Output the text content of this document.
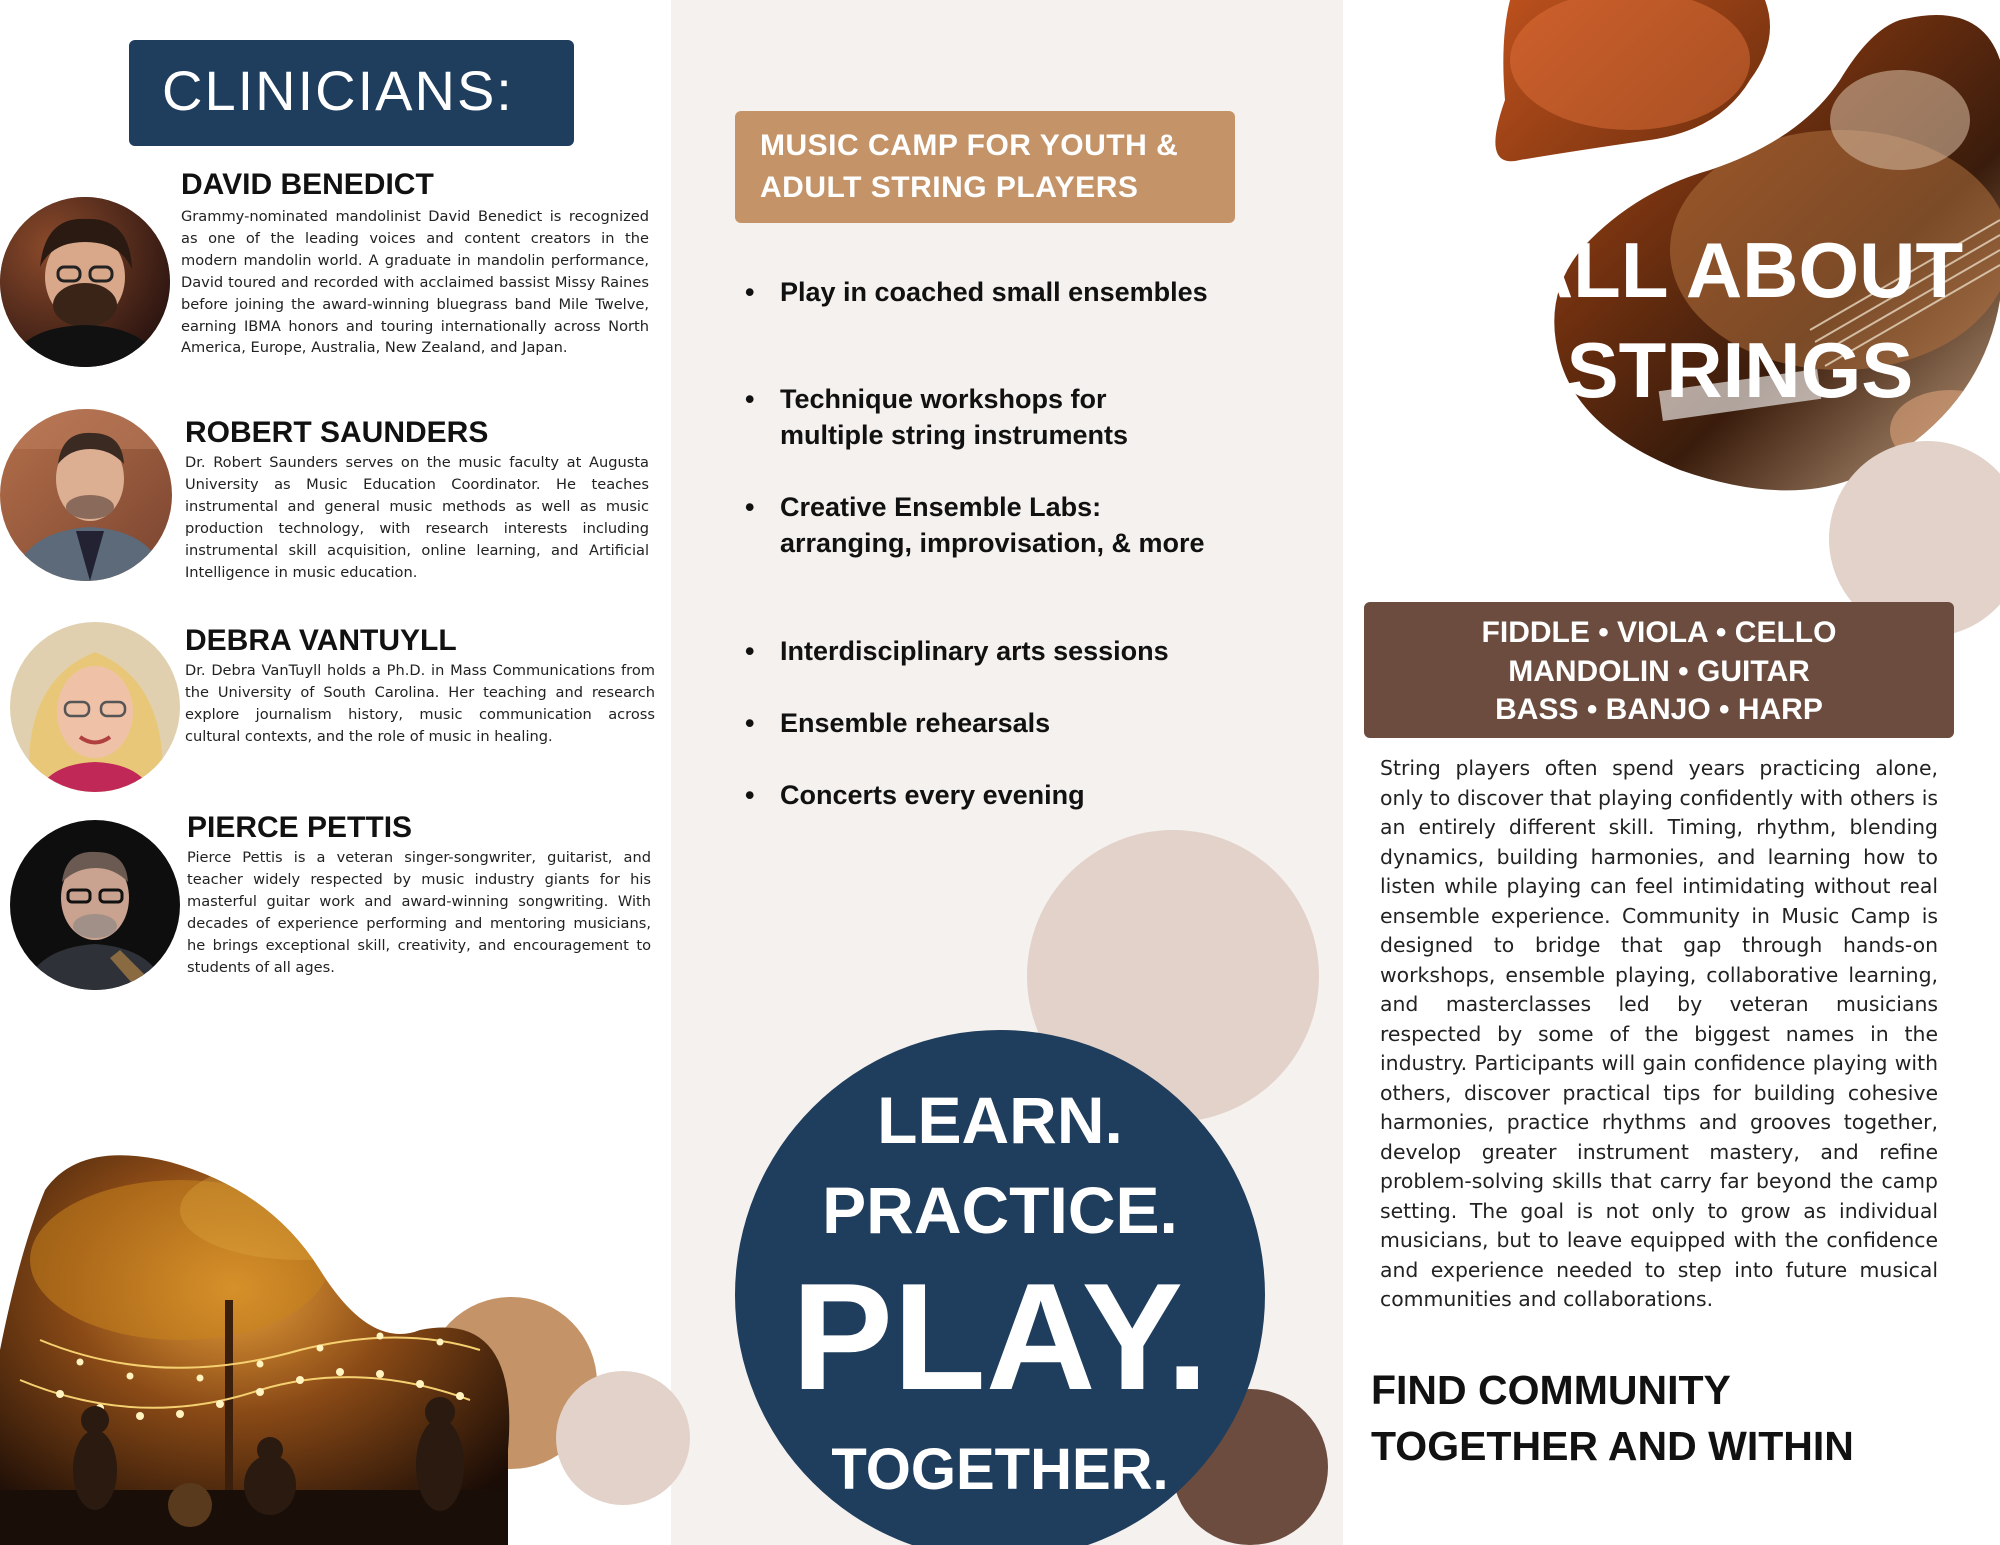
CLINICIANS:
DAVID BENEDICT
Grammy-nominated mandolinist David Benedict is recognized as one of the leading voices and content creators in the modern mandolin world. A graduate in mandolin performance, David toured and recorded with acclaimed bassist Missy Raines before joining the award-winning bluegrass band Mile Twelve, earning IBMA honors and touring internationally across North America, Europe, Australia, New Zealand, and Japan.
ROBERT SAUNDERS
Dr. Robert Saunders serves on the music faculty at Augusta University as Music Education Coordinator. He teaches instrumental and general music methods as well as music production technology, with research interests including instrumental skill acquisition, online learning, and Artificial Intelligence in music education.
DEBRA VANTUYLL
Dr. Debra VanTuyll holds a Ph.D. in Mass Communications from the University of South Carolina. Her teaching and research explore journalism history, music communication across cultural contexts, and the role of music in healing.
PIERCE PETTIS
Pierce Pettis is a veteran singer-songwriter, guitarist, and teacher widely respected by music industry giants for his masterful guitar work and award-winning songwriting. With decades of experience performing and mentoring musicians, he brings exceptional skill, creativity, and encouragement to students of all ages.
MUSIC CAMP FOR YOUTH & ADULT STRING PLAYERS
• Play in coached small ensembles
• Technique workshops for multiple string instruments
• Creative Ensemble Labs: arranging, improvisation, & more
• Interdisciplinary arts sessions
• Ensemble rehearsals
• Concerts every evening
LEARN.
PRACTICE.
PLAY.
TOGETHER.
ALL ABOUT
STRINGS
FIDDLE • VIOLA • CELLO
MANDOLIN • GUITAR
BASS • BANJO • HARP
String players often spend years practicing alone, only to discover that playing confidently with others is an entirely different skill. Timing, rhythm, blending dynamics, building harmonies, and learning how to listen while playing can feel intimidating without real ensemble experience. Community in Music Camp is designed to bridge that gap through hands-on workshops, ensemble playing, collaborative learning, and masterclasses led by veteran musicians respected by some of the biggest names in the industry. Participants will gain confidence playing with others, discover practical tips for building cohesive harmonies, practice rhythms and grooves together, develop greater instrument mastery, and refine problem-solving skills that carry far beyond the camp setting. The goal is not only to grow as individual musicians, but to leave equipped with the confidence and experience needed to step into future musical communities and collaborations.
FIND COMMUNITY
TOGETHER AND WITHIN
